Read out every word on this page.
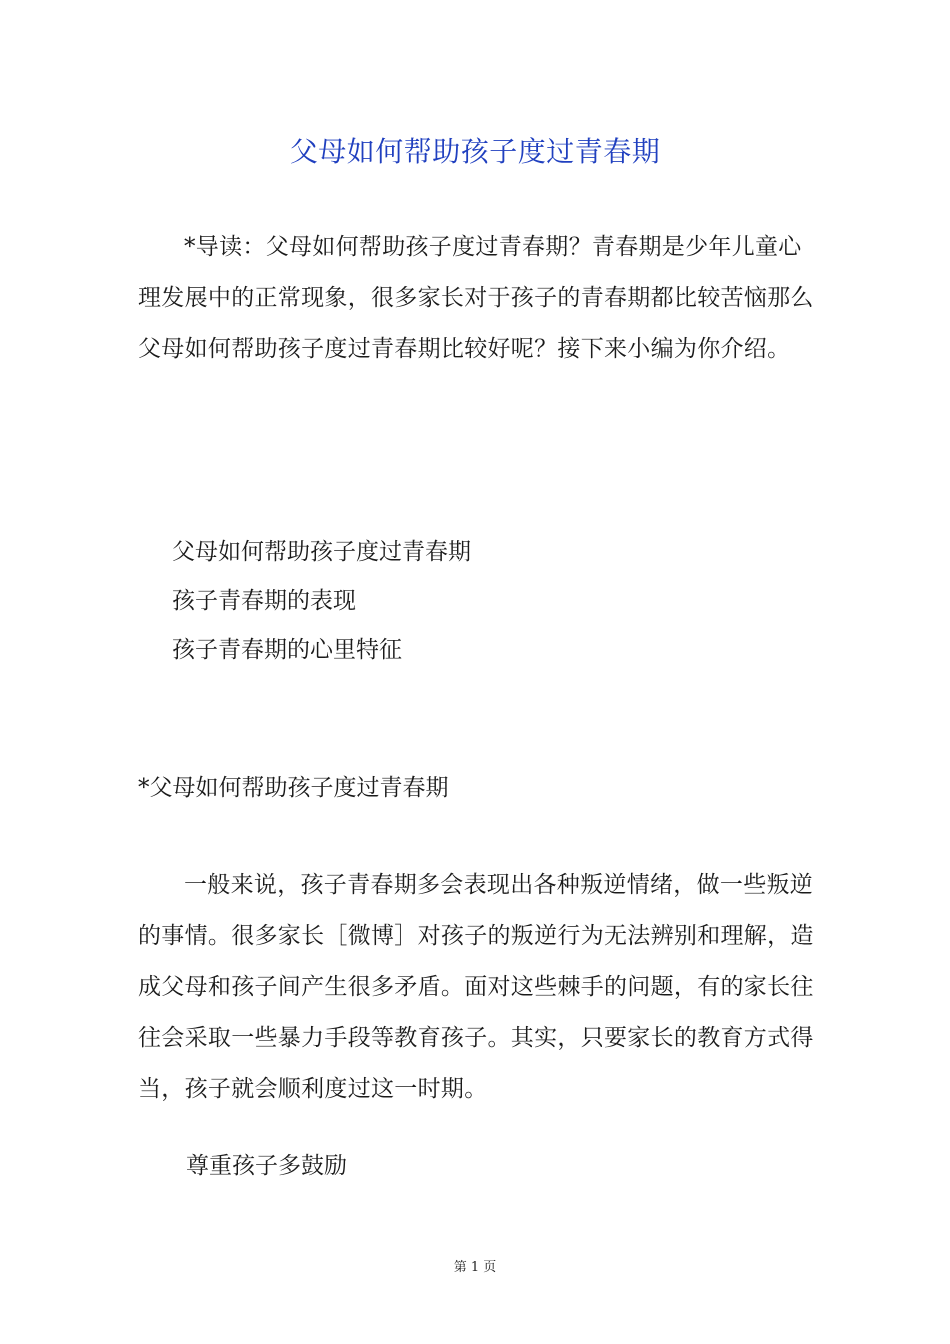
父母如何帮助孩子度过青春期
*导读：父母如何帮助孩子度过青春期？青春期是少年儿童心理发展中的正常现象，很多家长对于孩子的青春期都比较苦恼那么父母如何帮助孩子度过青春期比较好呢？接下来小编为你介绍。
父母如何帮助孩子度过青春期
孩子青春期的表现
孩子青春期的心里特征
*父母如何帮助孩子度过青春期
一般来说，孩子青春期多会表现出各种叛逆情绪，做一些叛逆的事情。很多家长［微博］对孩子的叛逆行为无法辨别和理解，造成父母和孩子间产生很多矛盾。面对这些棘手的问题，有的家长往往会采取一些暴力手段等教育孩子。其实，只要家长的教育方式得当，孩子就会顺利度过这一时期。
尊重孩子多鼓励
第 1 页
